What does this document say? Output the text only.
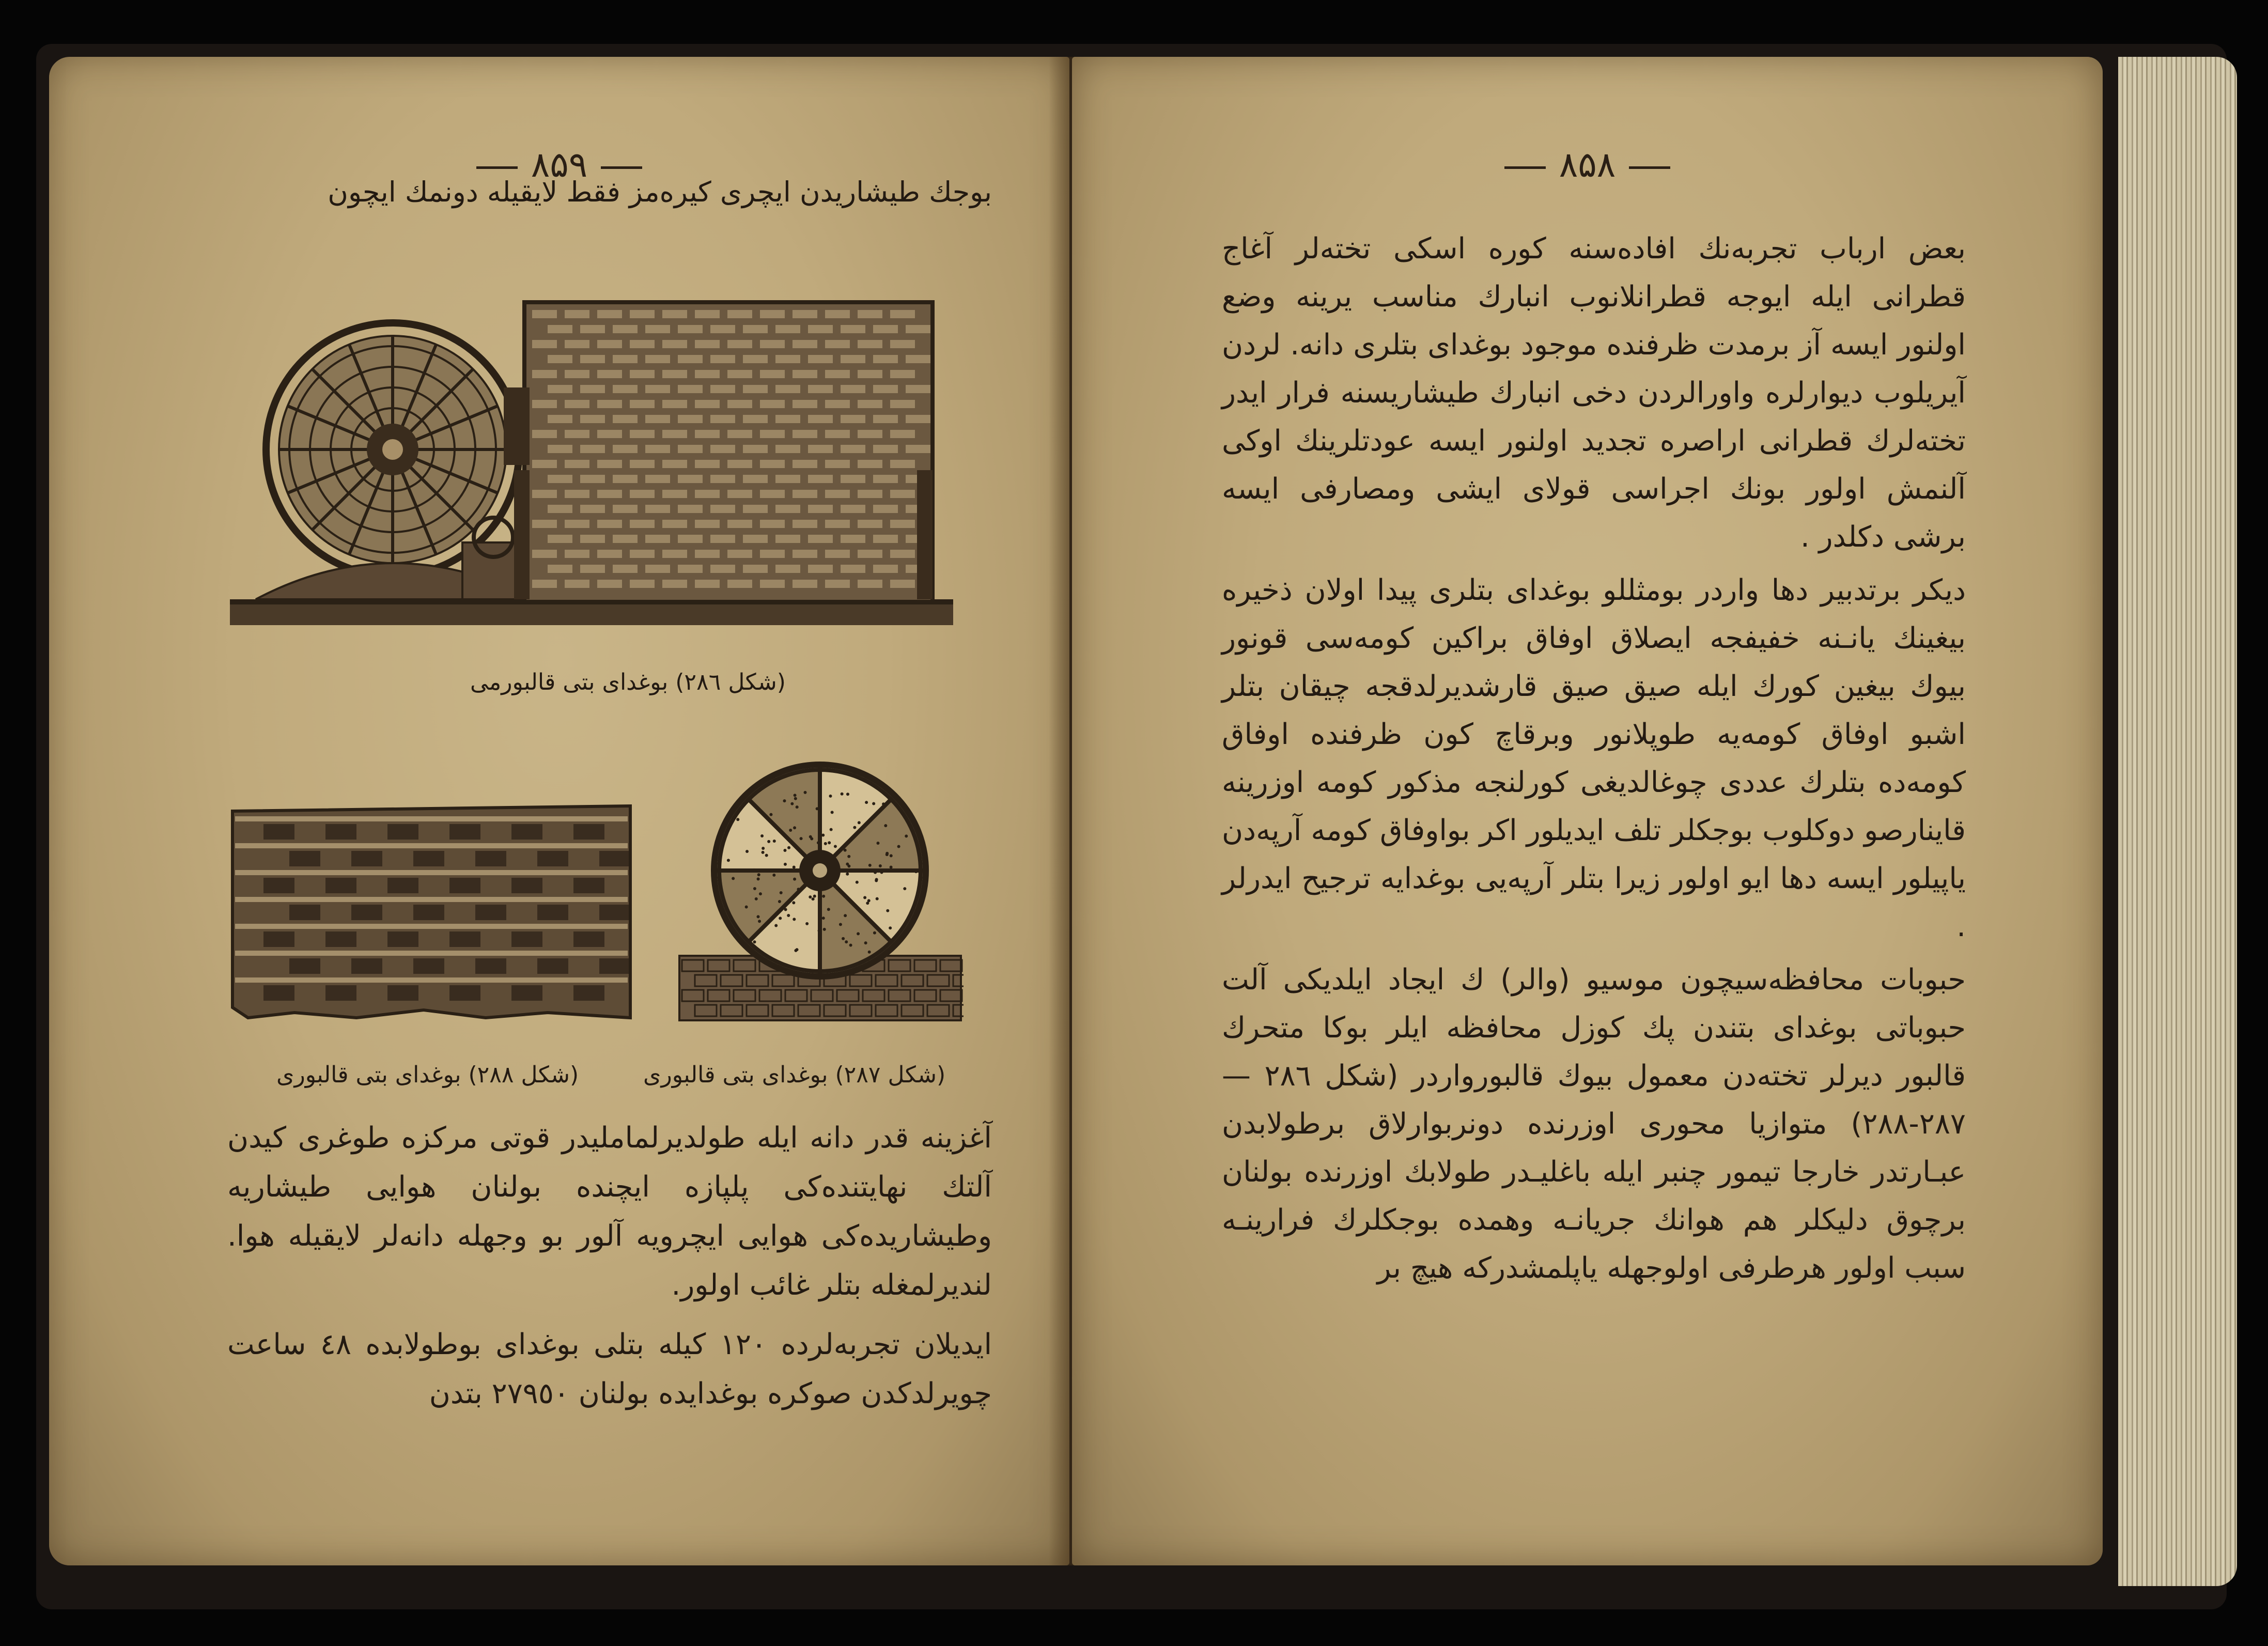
۸۵۹
بوجك طيشاريدن ايچرى كيره‌مز فقط لايقيله دونمك ايچون
(شكل ٢٨٦) بوغداى بتى قالبورمى
(شكل ٢٨٨) بوغداى بتى قالبورى	(شكل ٢٨٧) بوغداى بتى قالبورى

آغزينه قدر دانه ايله طولديرلمامليدر قوتى مركزه طوغرى كيدن آلتك نهايتنده‌كى پلپازه ايچنده بولنان هوايى طيشاريه وطيشاريده‌كى هوايى ايچرويه آلور بو وجهله دانه‌لر لايقيله هوا. لنديرلمغله بتلر غائب اولور.

ايديلان تجربه‌لرده ١٢٠ كيله بتلى بوغداى بوطولابده ٤٨ ساعت چويرلدكدن صوكره بوغدايده بولنان ٢٧٩٥٠ بتدن

۸۵۸

بعض ارباب تجربه‌نك افاده‌سنه كوره اسكى تخته‌لر آغاج قطرانى ايله ايوجه قطرانلانوب انبارك مناسب يرينه وضع اولنور ايسه آز برمدت ظرفنده موجود بوغداى بتلرى دانه. لردن آيريلوب ديوارلره واورالردن دخى انبارك طيشاريسنه فرار ايدر تخته‌لرك قطرانى اراصره تجديد اولنور ايسه عودتلرينك اوكى آلنمش اولور بونك اجراسى قولاى ايشى ومصارفى ايسه برشى دكلدر .

ديكر برتدبير دها واردر بومثللو بوغداى بتلرى پيدا اولان ذخيره بيغينك يانـنه خفيفجه ايصلاق اوفاق براكين كومه‌سى قونور بيوك بيغين كورك ايله صيق صيق قارشديرلدقجه چيقان بتلر اشبو اوفاق كومه‌يه طوپلانور وبرقاچ كون ظرفنده اوفاق كومه‌ده بتلرك عددى چوغالديغى كورلنجه مذكور كومه اوزرينه قاينارصو دوكلوب بوجكلر تلف ايديلور اكر بواوفاق كومه آرپه‌دن ياپيلور ايسه دها ايو اولور زيرا بتلر آرپه‌يى بوغدايه ترجيح ايدرلر .

حبوبات محافظه‌سيچون موسيو (والر) ك ايجاد ايلديكى آلت حبوباتى بوغداى بتندن پك كوزل محافظه ايلر بوكا متحرك قالبور ديرلر تخته‌دن معمول بيوك قالبورواردر (شكل ٢٨٦ — ٢٨٧-٢٨٨) متوازيا محورى اوزرنده دونربوارلاق برطولابدن عبـارتدر خارجا تيمور چنبر ايله باغليـدر طولابك اوزرنده بولنان برچوق دليكلر هم هوانك جريانـه وهمده بوجكلرك فرارينـه سبب اولور هرطرفى اولوجهله ياپلمشدركه هيچ بر
